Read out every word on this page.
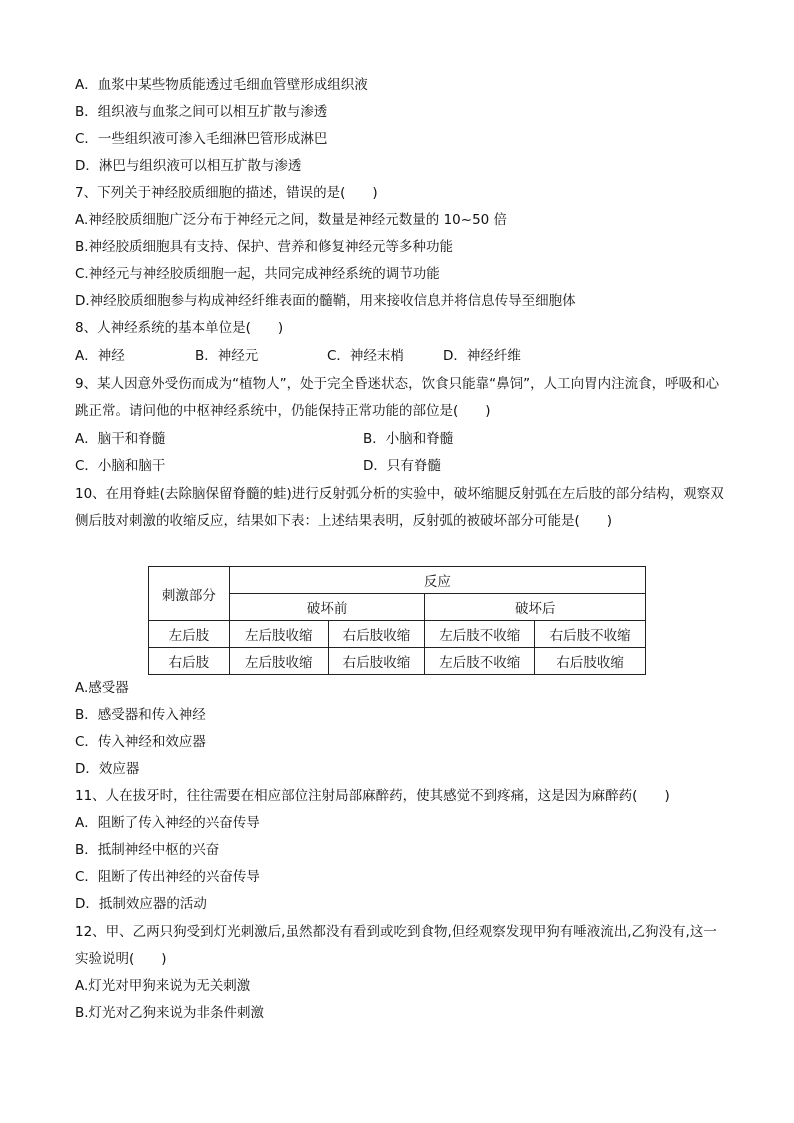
A．血浆中某些物质能透过毛细血管壁形成组织液
B．组织液与血浆之间可以相互扩散与渗透
C．一些组织液可渗入毛细淋巴管形成淋巴
D．淋巴与组织液可以相互扩散与渗透
7、下列关于神经胶质细胞的描述，错误的是(　　)
A.神经胶质细胞广泛分布于神经元之间，数量是神经元数量的 10~50 倍
B.神经胶质细胞具有支持、保护、营养和修复神经元等多种功能
C.神经元与神经胶质细胞一起，共同完成神经系统的调节功能
D.神经胶质细胞参与构成神经纤维表面的髓鞘，用来接收信息并将信息传导至细胞体
8、人神经系统的基本单位是(　　)
A．神经	B．神经元	C．神经末梢	D．神经纤维
9、某人因意外受伤而成为“植物人”，处于完全昏迷状态，饮食只能靠“鼻饲”，人工向胃内注流食，呼吸和心跳正常。请问他的中枢神经系统中，仍能保持正常功能的部位是(　　)
A．脑干和脊髓	B．小脑和脊髓
C．小脑和脑干	D．只有脊髓
10、在用脊蛙(去除脑保留脊髓的蛙)进行反射弧分析的实验中，破坏缩腿反射弧在左后肢的部分结构，观察双侧后肢对刺激的收缩反应，结果如下表：上述结果表明，反射弧的被破坏部分可能是(　　)
刺激部分	反应			
	破坏前		破坏后	
左后肢	左后肢收缩	右后肢收缩	左后肢不收缩	右后肢不收缩
右后肢	左后肢收缩	右后肢收缩	左后肢不收缩	右后肢收缩
A.感受器
B．感受器和传入神经
C．传入神经和效应器
D．效应器
11、人在拔牙时，往往需要在相应部位注射局部麻醉药，使其感觉不到疼痛，这是因为麻醉药(　　)
A．阻断了传入神经的兴奋传导
B．抵制神经中枢的兴奋
C．阻断了传出神经的兴奋传导
D．抵制效应器的活动
12、甲、乙两只狗受到灯光刺激后,虽然都没有看到或吃到食物,但经观察发现甲狗有唾液流出,乙狗没有,这一实验说明(　　)
A.灯光对甲狗来说为无关刺激
B.灯光对乙狗来说为非条件刺激
